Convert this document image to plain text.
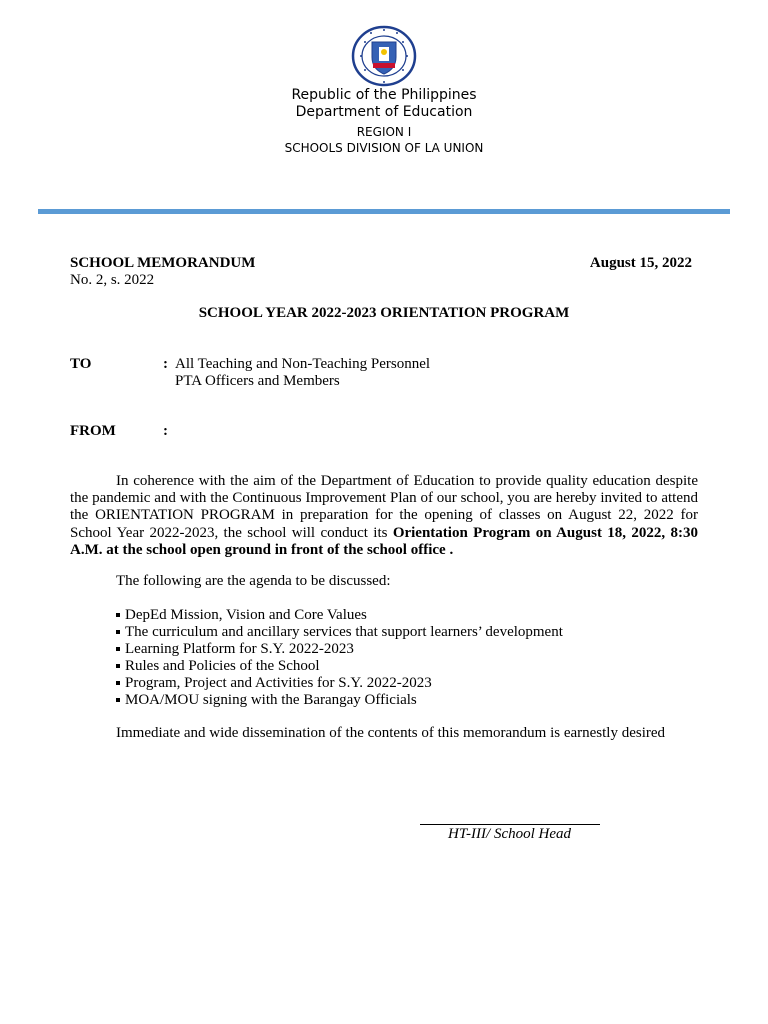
Republic of the Philippines
Department of Education
REGION I
SCHOOLS DIVISION OF LA UNION
SCHOOL MEMORANDUM	August 15, 2022
No. 2, s. 2022
SCHOOL YEAR 2022-2023 ORIENTATION PROGRAM
TO	: All Teaching and Non-Teaching Personnel
PTA Officers and Members
FROM	:

In coherence with the aim of the Department of Education to provide quality education despite the pandemic and with the Continuous Improvement Plan of our school, you are hereby invited to attend the ORIENTATION PROGRAM in preparation for the opening of classes on August 22, 2022 for School Year 2022-2023, the school will conduct its Orientation Program on August 18, 2022, 8:30 A.M. at the school open ground in front of the school office .

The following are the agenda to be discussed:
DepEd Mission, Vision and Core Values
The curriculum and ancillary services that support learners’ development
Learning Platform for S.Y. 2022-2023
Rules and Policies of the School
Program, Project and Activities for S.Y. 2022-2023
MOA/MOU signing with the Barangay Officials
Immediate and wide dissemination of the contents of this memorandum is earnestly desired
HT-III/ School Head
